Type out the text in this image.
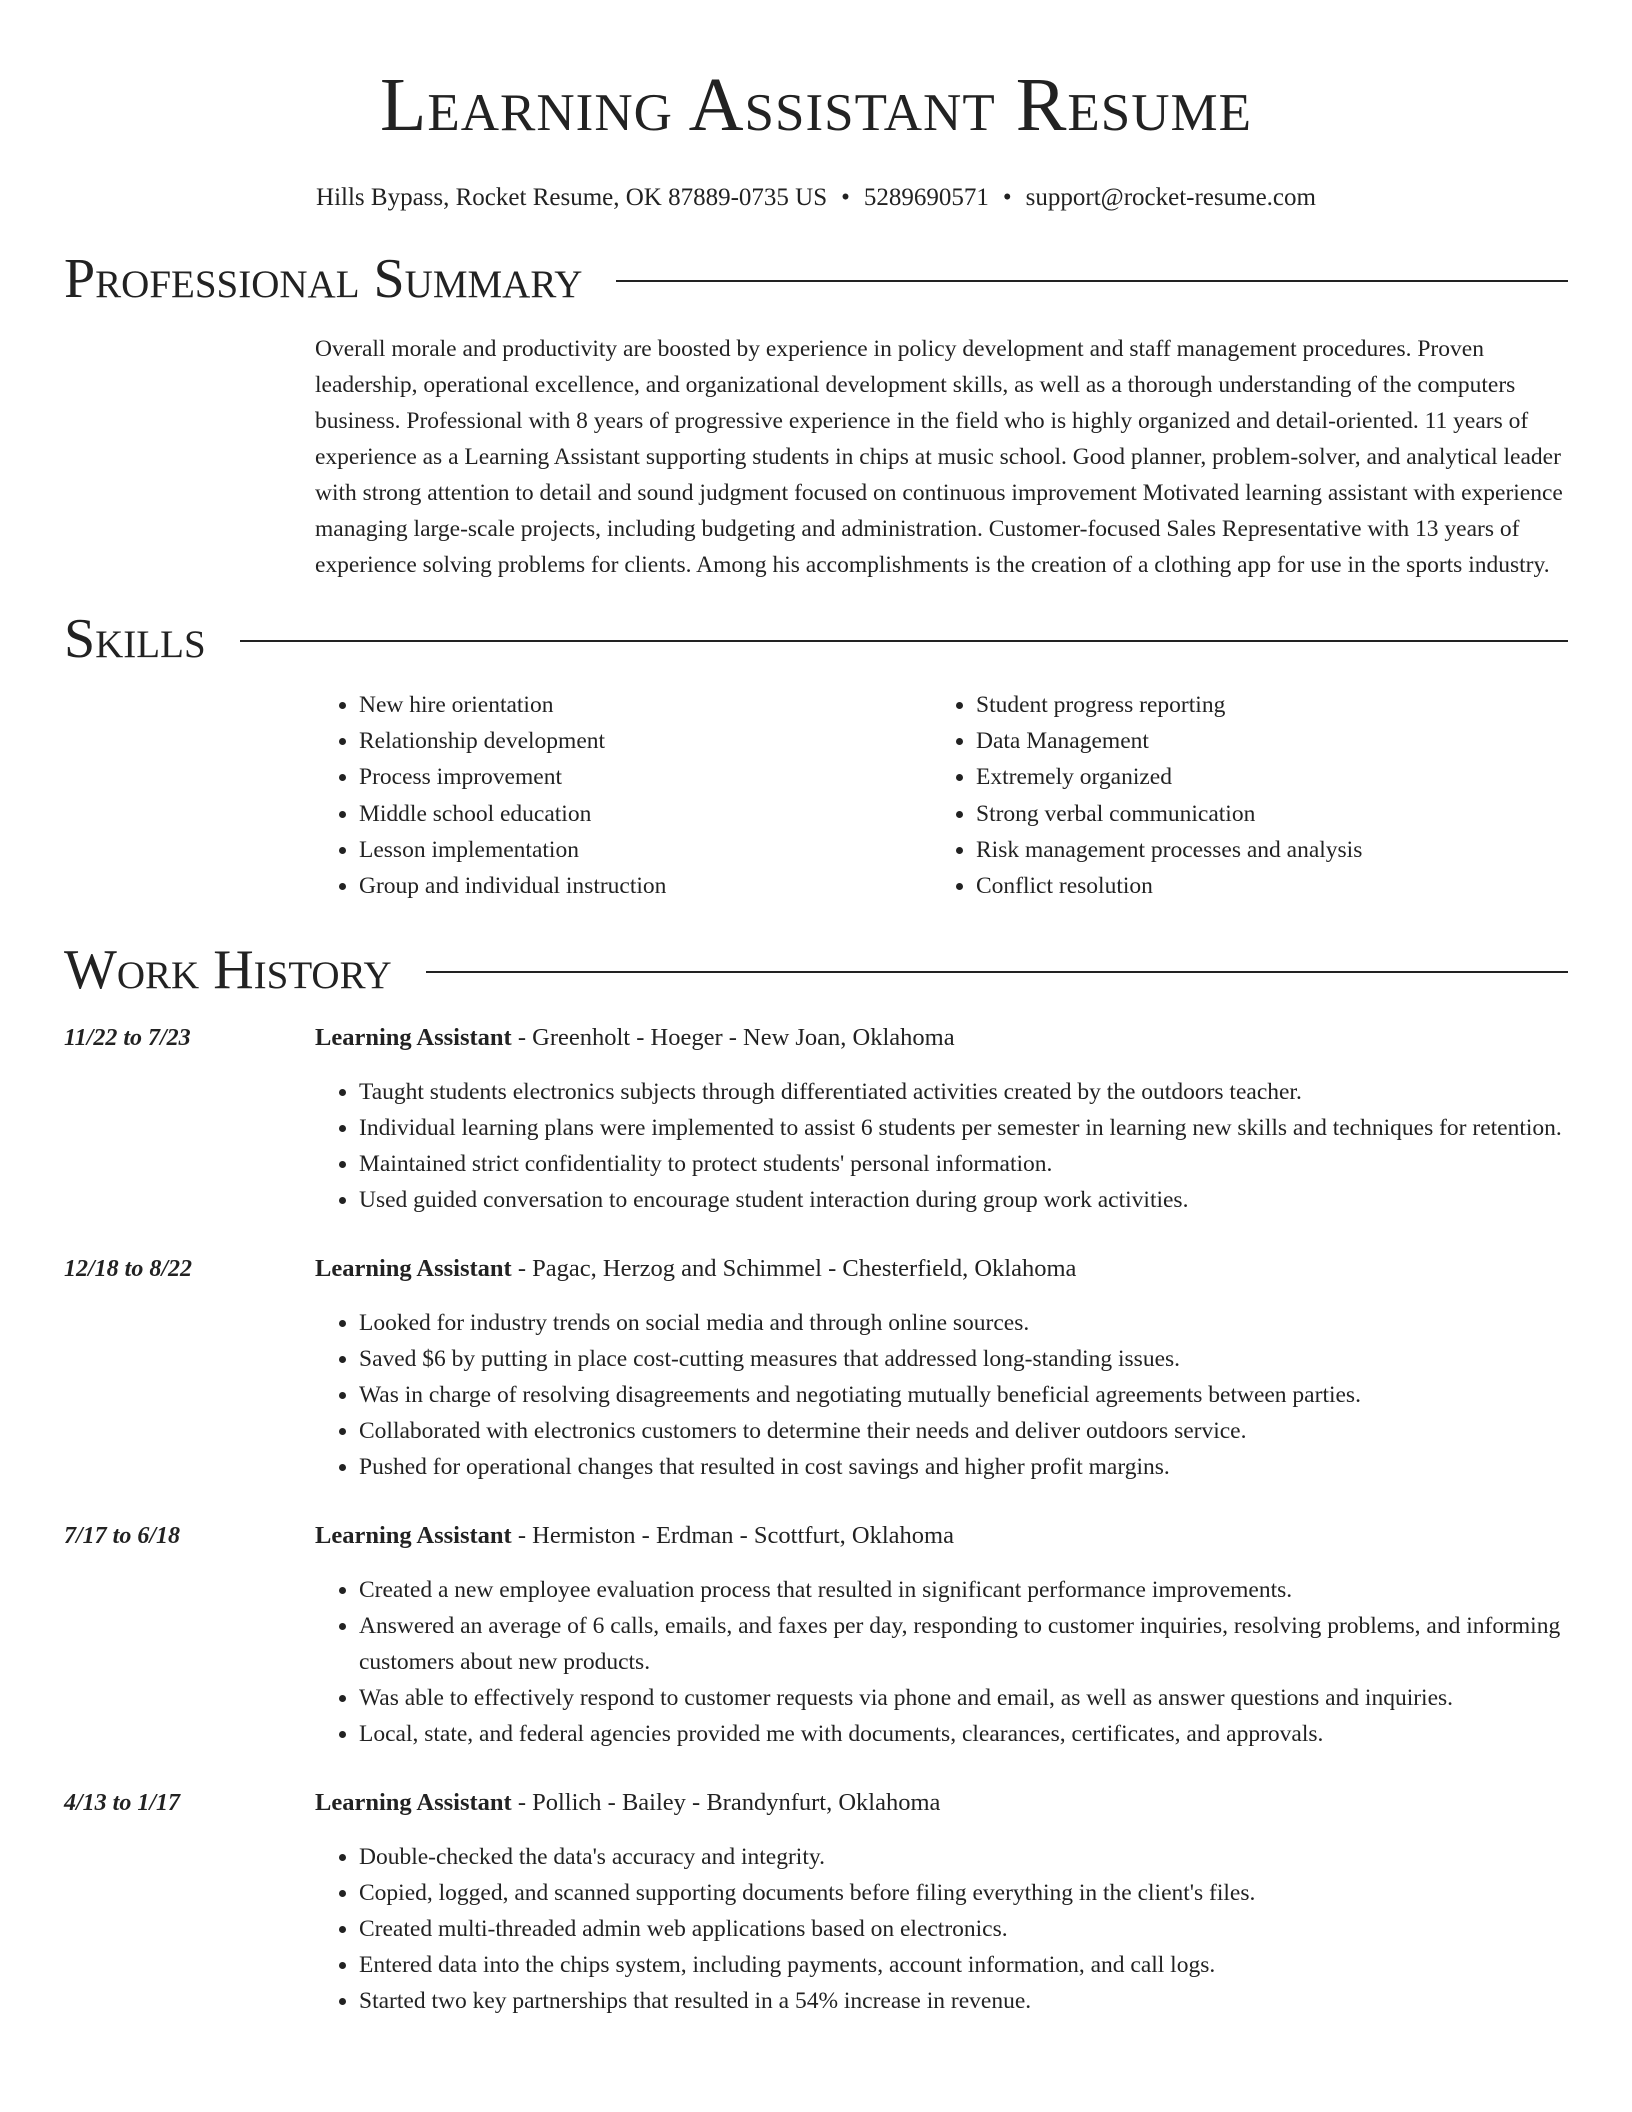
Learning Assistant Resume
Hills Bypass, Rocket Resume, OK 87889-0735 US • 5289690571 • support@rocket-resume.com
Professional Summary
Overall morale and productivity are boosted by experience in policy development and staff management procedures. Proven leadership, operational excellence, and organizational development skills, as well as a thorough understanding of the computers business. Professional with 8 years of progressive experience in the field who is highly organized and detail-oriented. 11 years of experience as a Learning Assistant supporting students in chips at music school. Good planner, problem-solver, and analytical leader with strong attention to detail and sound judgment focused on continuous improvement Motivated learning assistant with experience managing large-scale projects, including budgeting and administration. Customer-focused Sales Representative with 13 years of experience solving problems for clients. Among his accomplishments is the creation of a clothing app for use in the sports industry.
Skills
• New hire orientation
• Relationship development
• Process improvement
• Middle school education
• Lesson implementation
• Group and individual instruction
• Student progress reporting
• Data Management
• Extremely organized
• Strong verbal communication
• Risk management processes and analysis
• Conflict resolution
Work History
11/22 to 7/23	Learning Assistant - Greenholt - Hoeger - New Joan, Oklahoma
• Taught students electronics subjects through differentiated activities created by the outdoors teacher.
• Individual learning plans were implemented to assist 6 students per semester in learning new skills and techniques for retention.
• Maintained strict confidentiality to protect students' personal information.
• Used guided conversation to encourage student interaction during group work activities.
12/18 to 8/22	Learning Assistant - Pagac, Herzog and Schimmel - Chesterfield, Oklahoma
• Looked for industry trends on social media and through online sources.
• Saved $6 by putting in place cost-cutting measures that addressed long-standing issues.
• Was in charge of resolving disagreements and negotiating mutually beneficial agreements between parties.
• Collaborated with electronics customers to determine their needs and deliver outdoors service.
• Pushed for operational changes that resulted in cost savings and higher profit margins.
7/17 to 6/18	Learning Assistant - Hermiston - Erdman - Scottfurt, Oklahoma
• Created a new employee evaluation process that resulted in significant performance improvements.
• Answered an average of 6 calls, emails, and faxes per day, responding to customer inquiries, resolving problems, and informing customers about new products.
• Was able to effectively respond to customer requests via phone and email, as well as answer questions and inquiries.
• Local, state, and federal agencies provided me with documents, clearances, certificates, and approvals.
4/13 to 1/17	Learning Assistant - Pollich - Bailey - Brandynfurt, Oklahoma
• Double-checked the data's accuracy and integrity.
• Copied, logged, and scanned supporting documents before filing everything in the client's files.
• Created multi-threaded admin web applications based on electronics.
• Entered data into the chips system, including payments, account information, and call logs.
• Started two key partnerships that resulted in a 54% increase in revenue.
